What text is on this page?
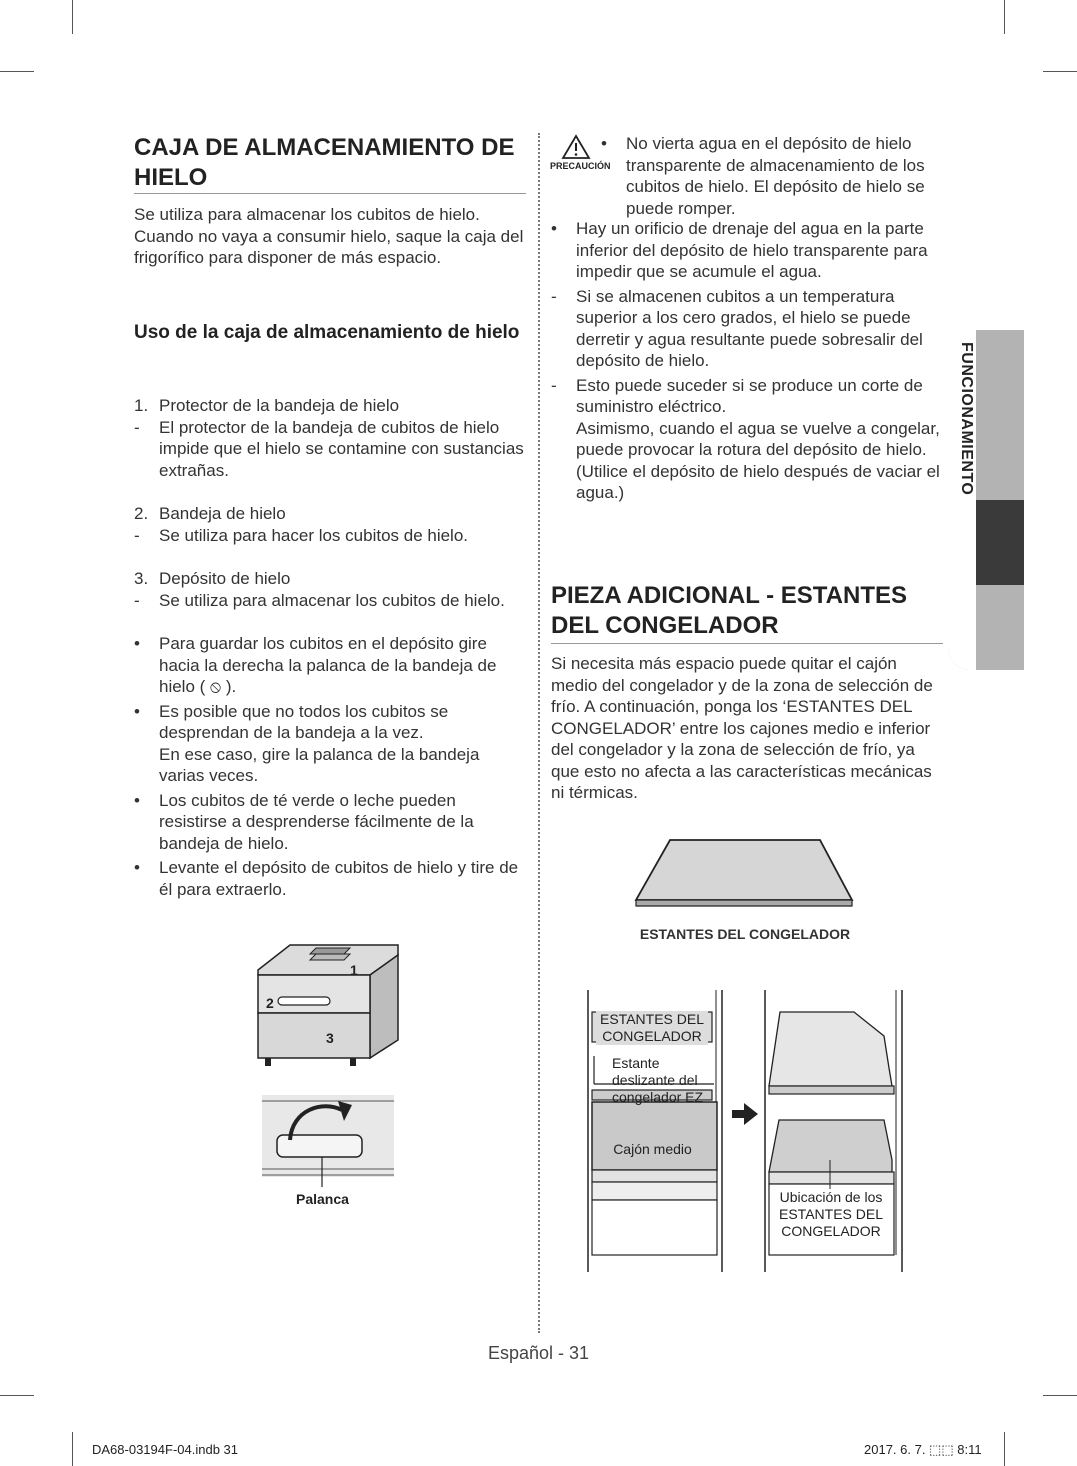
CAJA DE ALMACENAMIENTO DE HIELO

Se utiliza para almacenar los cubitos de hielo. Cuando no vaya a consumir hielo, saque la caja del frigorífico para disponer de más espacio.

Uso de la caja de almacenamiento de hielo
1. Protector de la bandeja de hielo
- El protector de la bandeja de cubitos de hielo impide que el hielo se contamine con sustancias extrañas.
2. Bandeja de hielo
- Se utiliza para hacer los cubitos de hielo.
3. Depósito de hielo
- Se utiliza para almacenar los cubitos de hielo.
• Para guardar los cubitos en el depósito gire hacia la derecha la palanca de la bandeja de hielo ( ⦸ ).
• Es posible que no todos los cubitos se desprendan de la bandeja a la vez.
En ese caso, gire la palanca de la bandeja varias veces.
• Los cubitos de té verde o leche pueden resistirse a desprenderse fácilmente de la bandeja de hielo.
• Levante el depósito de cubitos de hielo y tire de él para extraerlo.
1
2
3
Palanca
PRECAUCIÓN
• No vierta agua en el depósito de hielo transparente de almacenamiento de los cubitos de hielo. El depósito de hielo se puede romper.
• Hay un orificio de drenaje del agua en la parte inferior del depósito de hielo transparente para impedir que se acumule el agua.
- Si se almacenen cubitos a un temperatura superior a los cero grados, el hielo se puede derretir y agua resultante puede sobresalir del depósito de hielo.
- Esto puede suceder si se produce un corte de suministro eléctrico.
Asimismo, cuando el agua se vuelve a congelar, puede provocar la rotura del depósito de hielo. (Utilice el depósito de hielo después de vaciar el agua.)
PIEZA ADICIONAL - ESTANTES DEL CONGELADOR

Si necesita más espacio puede quitar el cajón medio del congelador y de la zona de selección de frío. A continuación, ponga los ‘ESTANTES DEL CONGELADOR’ entre los cajones medio e inferior del congelador y la zona de selección de frío, ya que esto no afecta a las características mecánicas ni térmicas.

ESTANTES DEL CONGELADOR
ESTANTES DEL CONGELADOR
Estante deslizante del congelador EZ
Cajón medio
Ubicación de los ESTANTES DEL CONGELADOR
FUNCIONAMIENTO
Español - 31
DA68-03194F-04.indb 31	2017. 6. 7. ⬚⬚ 8:11
